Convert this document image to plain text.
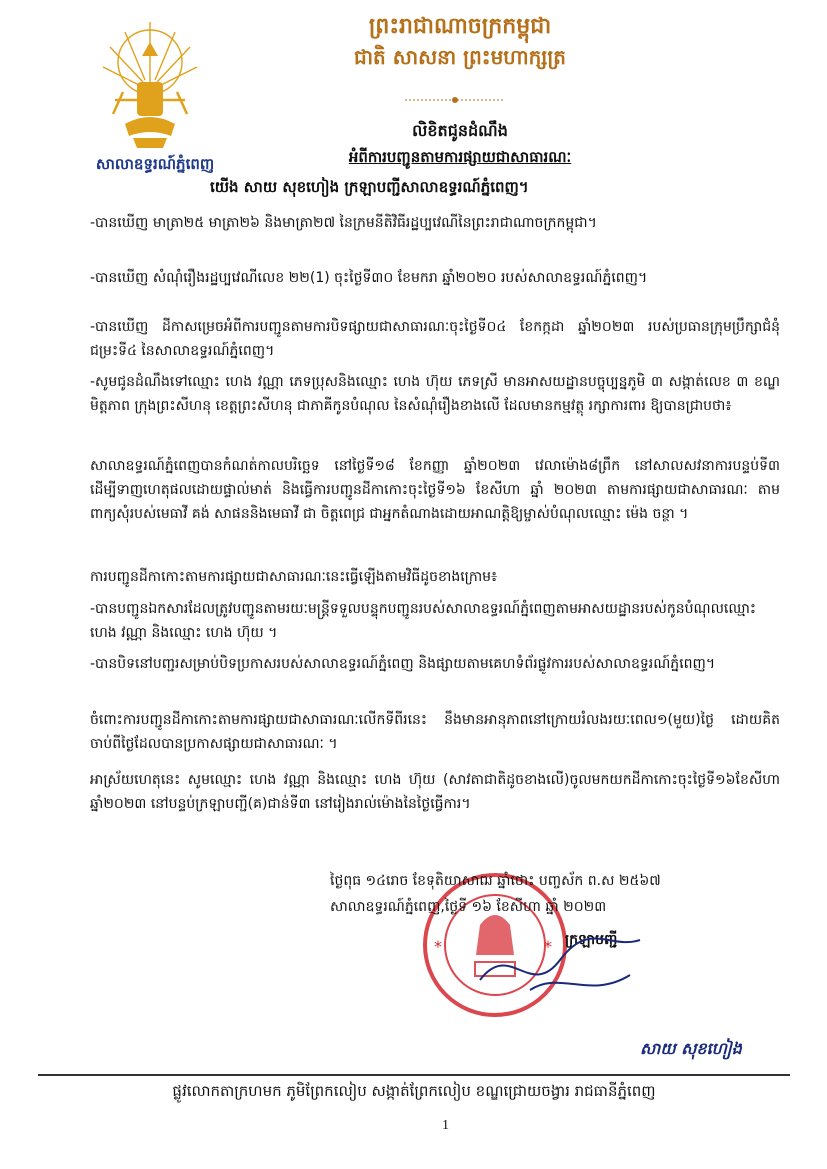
សាលាឧទ្ធរណ៍ភ្នំពេញ
ព្រះរាជាណាចក្រកម្ពុជា
ជាតិ សាសនា ព្រះមហាក្សត្រ
លិខិតជូនដំណឹង
អំពីការបញ្ជូនតាមការផ្សាយជាសាធារណៈ
យើង សាយ សុខហៀង ក្រឡាបញ្ជីសាលាឧទ្ធរណ៍ភ្នំពេញ។
-បានឃើញ មាត្រា២៥ មាត្រា២៦ និងមាត្រា២៧ នៃក្រមនីតិវិធីរដ្ឋប្បវេណីនៃព្រះរាជាណាចក្រកម្ពុជា។
-បានឃើញ សំណុំរឿងរដ្ឋប្បវេណីលេខ ២២(1) ចុះថ្ងៃទី៣០ ខែមករា ឆ្នាំ២០២០ របស់សាលាឧទ្ធរណ៍ភ្នំពេញ។
-បានឃើញ ដីកាសម្រេចអំពីការបញ្ជូនតាមការបិទផ្សាយជាសាធារណៈចុះថ្ងៃទី០៤ ខែកក្កដា ឆ្នាំ២០២៣ របស់ប្រធានក្រុមប្រឹក្សាជំនុំជម្រះទី៤ នៃសាលាឧទ្ធរណ៍ភ្នំពេញ។
-សូមជូនដំណឹងទៅឈ្មោះ ហេង វណ្ណា ភេទប្រុសនិងឈ្មោះ ហេង ហ៊ុយ ភេទស្រី មានអាសយដ្ឋានបច្ចុប្បន្នភូមិ ៣ សង្កាត់លេខ ៣ ខណ្ឌមិត្តភាព ក្រុងព្រះសីហនុ ខេត្តព្រះសីហនុ ជាភាគីកូនបំណុល នៃសំណុំរឿងខាងលើ ដែលមានកម្មវត្ថុ រក្សាការពារ ឱ្យបានជ្រាបថា៖
សាលាឧទ្ធរណ៍ភ្នំពេញបានកំណត់កាលបរិច្ឆេទ នៅថ្ងៃទី១៨ ខែកញ្ញា ឆ្នាំ២០២៣ វេលាម៉ោង៨ព្រឹក នៅសាលសវនាការបន្ទប់ទី៣ ដើម្បីទាញហេតុផលដោយផ្ទាល់មាត់ និងធ្វើការបញ្ជូនដីកាកោះចុះថ្ងៃទី១៦ ខែសីហា ឆ្នាំ ២០២៣ តាមការផ្សាយជាសាធារណៈ តាមពាក្យសុំរបស់មេធាវី គង់ សាផននិងមេធាវី ជា ចិត្តពេជ្រ ជាអ្នកតំណាងដោយអាណត្តិឱ្យម្ចាស់បំណុលឈ្មោះ ម៉េង ចន្ថា ។
ការបញ្ជូនដីកាកោះតាមការផ្សាយជាសាធារណៈនេះធ្វើឡើងតាមវិធីដូចខាងក្រោម៖
-បានបញ្ជូនឯកសារដែលត្រូវបញ្ជូនតាមរយៈមន្ត្រីទទួលបន្ទុកបញ្ជូនរបស់សាលាឧទ្ធរណ៍ភ្នំពេញតាមអាសយដ្ឋានរបស់កូនបំណុលឈ្មោះ ហេង វណ្ណា និងឈ្មោះ ហេង ហ៊ុយ ។
-បានបិទនៅបញ្ជរសម្រាប់បិទប្រកាសរបស់សាលាឧទ្ធរណ៍ភ្នំពេញ និងផ្សាយតាមគេហទំព័រផ្លូវការរបស់សាលាឧទ្ធរណ៍ភ្នំពេញ។
ចំពោះការបញ្ជូនដីកាកោះតាមការផ្សាយជាសាធារណៈលើកទីពីរនេះ នឹងមានអានុភាពនៅក្រោយរំលងរយៈពេល១(មួយ)ថ្ងៃ ដោយគិតចាប់ពីថ្ងៃដែលបានប្រកាសផ្សាយជាសាធារណៈ ។
អាស្រ័យហេតុនេះ សូមឈ្មោះ ហេង វណ្ណា និងឈ្មោះ ហេង ហ៊ុយ (សាវតាជាតិដូចខាងលើ)ចូលមកយកដីកាកោះចុះថ្ងៃទី១៦ខែសីហា ឆ្នាំ២០២៣ នៅបន្ទប់ក្រឡាបញ្ជី(គ)ជាន់ទី៣ នៅរៀងរាល់ម៉ោងនៃថ្ងៃធ្វើការ។
*	*
ថ្ងៃពុធ ១៤រោច ខែទុតិយាសាឍ ឆ្នាំថោះ បញ្ចស័ក ព.ស ២៥៦៧
សាលាឧទ្ធរណ៍ភ្នំពេញ,ថ្ងៃទី ១៦ ខែសីហា ឆ្នាំ ២០២៣
ក្រឡាបញ្ជី
សាយ សុខហៀង
ផ្លូវលោកតាក្រហមក ភូមិព្រែកលៀប សង្កាត់ព្រែកលៀប ខណ្ឌជ្រោយចង្វារ រាជធានីភ្នំពេញ
1
